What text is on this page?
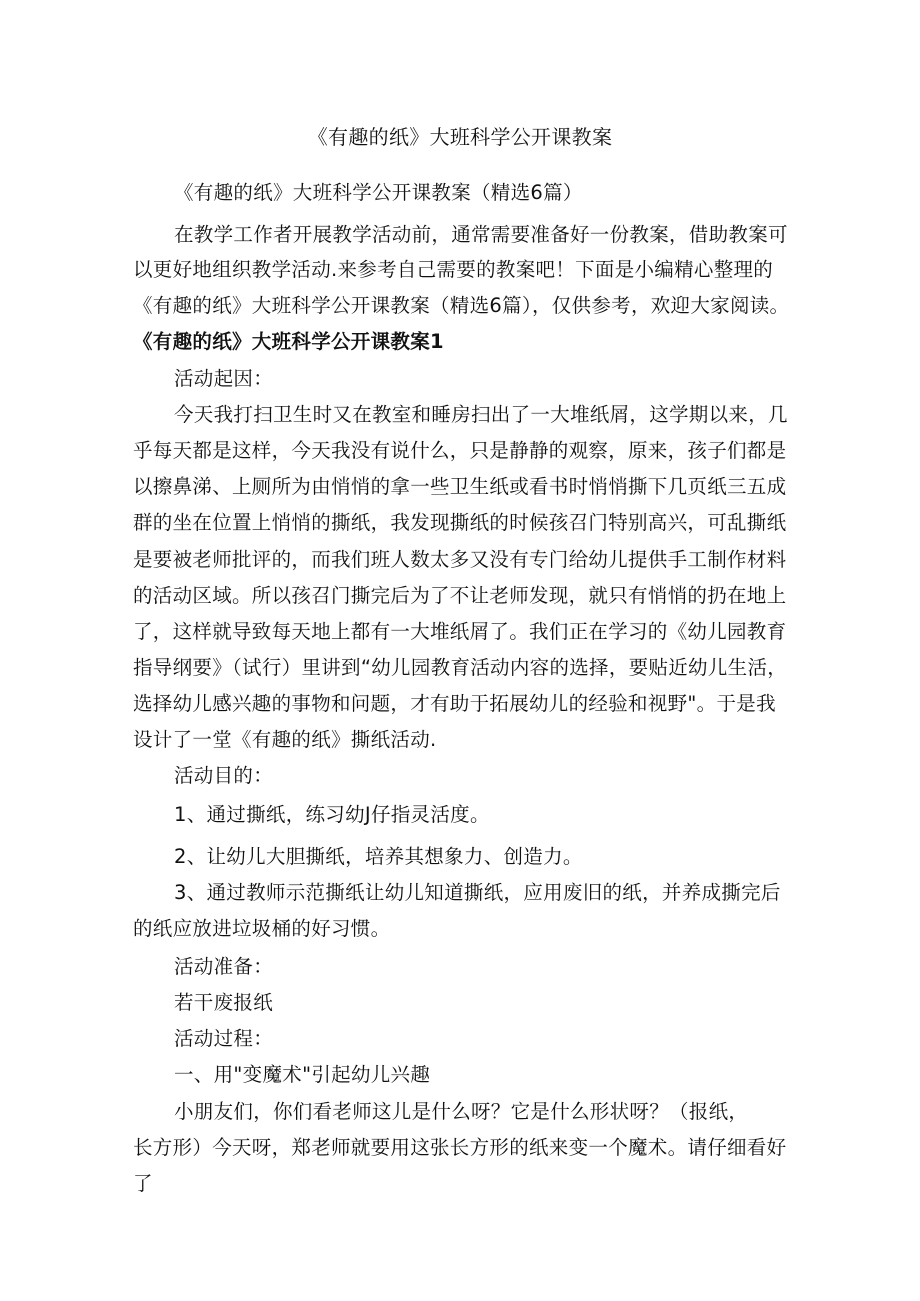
《有趣的纸》大班科学公开课教案
《有趣的纸》大班科学公开课教案（精选6篇）
在教学工作者开展教学活动前，通常需要准备好一份教案，借助教案可
以更好地组织教学活动.来参考自己需要的教案吧！下面是小编精心整理的
《有趣的纸》大班科学公开课教案（精选6篇），仅供参考，欢迎大家阅读。
《有趣的纸》大班科学公开课教案1
活动起因：
今天我打扫卫生时又在教室和睡房扫出了一大堆纸屑，这学期以来，几
乎每天都是这样，今天我没有说什么，只是静静的观察，原来，孩子们都是
以擦鼻涕、上厕所为由悄悄的拿一些卫生纸或看书时悄悄撕下几页纸三五成
群的坐在位置上悄悄的撕纸，我发现撕纸的时候孩召门特别高兴，可乱撕纸
是要被老师批评的，而我们班人数太多又没有专门给幼儿提供手工制作材料
的活动区域。所以孩召门撕完后为了不让老师发现，就只有悄悄的扔在地上
了，这样就导致每天地上都有一大堆纸屑了。我们正在学习的《幼儿园教育
指导纲要》（试行）里讲到“幼儿园教育活动内容的选择，要贴近幼儿生活，
选择幼儿感兴趣的事物和问题，才有助于拓展幼儿的经验和视野"。于是我
设计了一堂《有趣的纸》撕纸活动.
活动目的：
1、通过撕纸，练习幼J仔指灵活度。
2、让幼儿大胆撕纸，培养其想象力、创造力。
3、通过教师示范撕纸让幼儿知道撕纸，应用废旧的纸，并养成撕完后
的纸应放进垃圾桶的好习惯。
活动准备：
若干废报纸
活动过程：
一、用"变魔术"引起幼儿兴趣
小朋友们，你们看老师这儿是什么呀？它是什么形状呀？（报纸，
长方形）今天呀，郑老师就要用这张长方形的纸来变一个魔术。请仔细看好
了
